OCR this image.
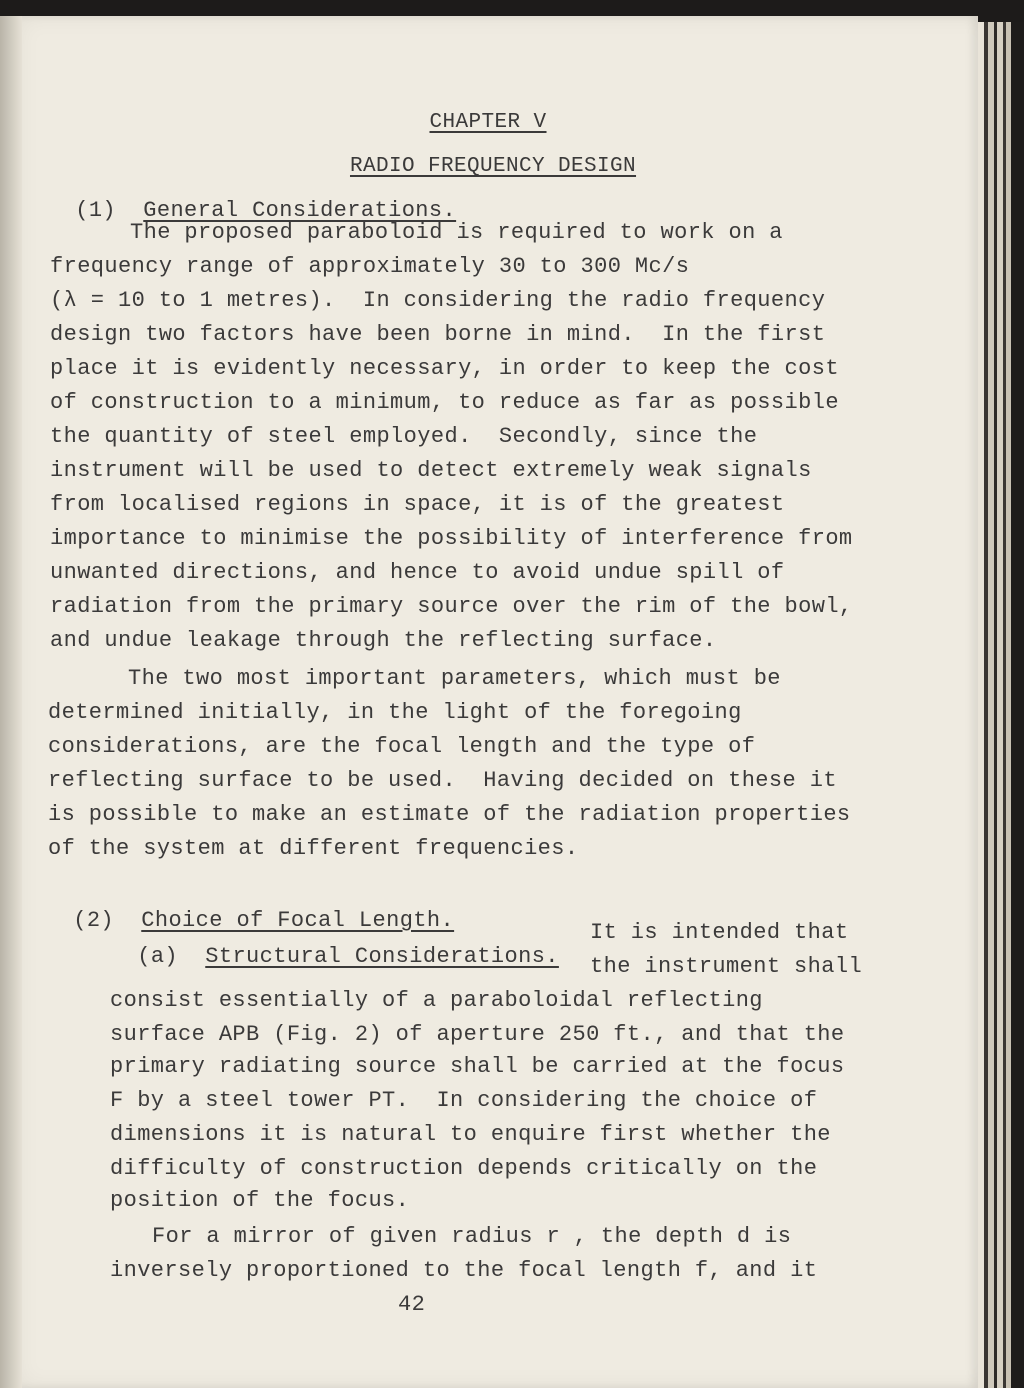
CHAPTER V

RADIO FREQUENCY DESIGN

(1) General Considerations.

The proposed paraboloid is required to work on a
frequency range of approximately 30 to 300 Mc/s
(λ = 10 to 1 metres).  In considering the radio frequency
design two factors have been borne in mind.  In the first
place it is evidently necessary, in order to keep the cost
of construction to a minimum, to reduce as far as possible
the quantity of steel employed.  Secondly, since the
instrument will be used to detect extremely weak signals
from localised regions in space, it is of the greatest
importance to minimise the possibility of interference from
unwanted directions, and hence to avoid undue spill of
radiation from the primary source over the rim of the bowl,
and undue leakage through the reflecting surface.
The two most important parameters, which must be
determined initially, in the light of the foregoing
considerations, are the focal length and the type of
reflecting surface to be used.  Having decided on these it
is possible to make an estimate of the radiation properties
of the system at different frequencies.

(2) Choice of Focal Length.

(a) Structural Considerations.

It is intended that
the instrument shall
consist essentially of a paraboloidal reflecting
surface APB (Fig. 2) of aperture 250 ft., and that the
primary radiating source shall be carried at the focus
F by a steel tower PT.  In considering the choice of
dimensions it is natural to enquire first whether the
difficulty of construction depends critically on the
position of the focus.
For a mirror of given radius r , the depth d is
inversely proportioned to the focal length f, and it
42
